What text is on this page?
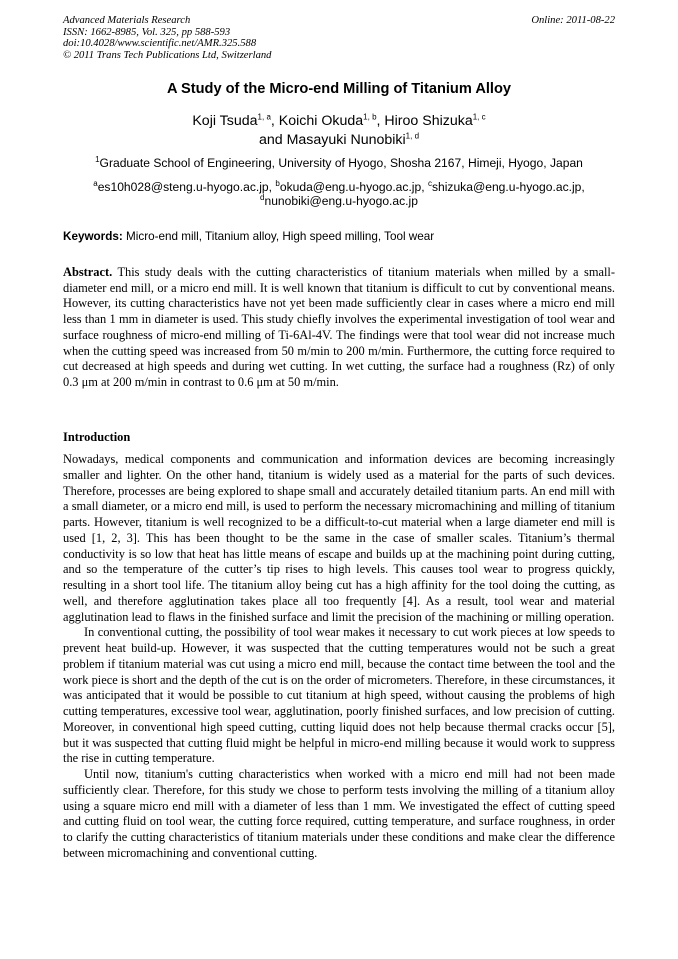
Advanced Materials Research
ISSN: 1662-8985, Vol. 325, pp 588-593
doi:10.4028/www.scientific.net/AMR.325.588
© 2011 Trans Tech Publications Ltd, Switzerland
Online: 2011-08-22
A Study of the Micro-end Milling of Titanium Alloy
Koji Tsuda$^{1, a}$, Koichi Okuda$^{1, b}$, Hiroo Shizuka$^{1, c}$
and Masayuki Nunobiki$^{1, d}$
$^1$Graduate School of Engineering, University of Hyogo, Shosha 2167, Himeji, Hyogo, Japan
$^a$es10h028@steng.u-hyogo.ac.jp, $^b$okuda@eng.u-hyogo.ac.jp, $^c$shizuka@eng.u-hyogo.ac.jp,
$^d$nunobiki@eng.u-hyogo.ac.jp
Keywords: Micro-end mill, Titanium alloy, High speed milling, Tool wear
Abstract. This study deals with the cutting characteristics of titanium materials when milled by a small-diameter end mill, or a micro end mill. It is well known that titanium is difficult to cut by conventional means. However, its cutting characteristics have not yet been made sufficiently clear in cases where a micro end mill less than 1 mm in diameter is used. This study chiefly involves the experimental investigation of tool wear and surface roughness of micro-end milling of Ti-6Al-4V. The findings were that tool wear did not increase much when the cutting speed was increased from 50 m/min to 200 m/min. Furthermore, the cutting force required to cut decreased at high speeds and during wet cutting. In wet cutting, the surface had a roughness (Rz) of only 0.3 μm at 200 m/min in contrast to 0.6 μm at 50 m/min.
Introduction

Nowadays, medical components and communication and information devices are becoming increasingly smaller and lighter. On the other hand, titanium is widely used as a material for the parts of such devices. Therefore, processes are being explored to shape small and accurately detailed titanium parts. An end mill with a small diameter, or a micro end mill, is used to perform the necessary micromachining and milling of titanium parts. However, titanium is well recognized to be a difficult-to-cut material when a large diameter end mill is used [1, 2, 3]. This has been thought to be the same in the case of smaller scales. Titanium’s thermal conductivity is so low that heat has little means of escape and builds up at the machining point during cutting, and so the temperature of the cutter’s tip rises to high levels. This causes tool wear to progress quickly, resulting in a short tool life. The titanium alloy being cut has a high affinity for the tool doing the cutting, as well, and therefore agglutination takes place all too frequently [4]. As a result, tool wear and material agglutination lead to flaws in the finished surface and limit the precision of the machining or milling operation.

In conventional cutting, the possibility of tool wear makes it necessary to cut work pieces at low speeds to prevent heat build-up. However, it was suspected that the cutting temperatures would not be such a great problem if titanium material was cut using a micro end mill, because the contact time between the tool and the work piece is short and the depth of the cut is on the order of micrometers. Therefore, in these circumstances, it was anticipated that it would be possible to cut titanium at high speed, without causing the problems of high cutting temperatures, excessive tool wear, agglutination, poorly finished surfaces, and low precision of cutting. Moreover, in conventional high speed cutting, cutting liquid does not help because thermal cracks occur [5], but it was suspected that cutting fluid might be helpful in micro-end milling because it would work to suppress the rise in cutting temperature.

Until now, titanium's cutting characteristics when worked with a micro end mill had not been made sufficiently clear. Therefore, for this study we chose to perform tests involving the milling of a titanium alloy using a square micro end mill with a diameter of less than 1 mm. We investigated the effect of cutting speed and cutting fluid on tool wear, the cutting force required, cutting temperature, and surface roughness, in order to clarify the cutting characteristics of titanium materials under these conditions and make clear the difference between micromachining and conventional cutting.
